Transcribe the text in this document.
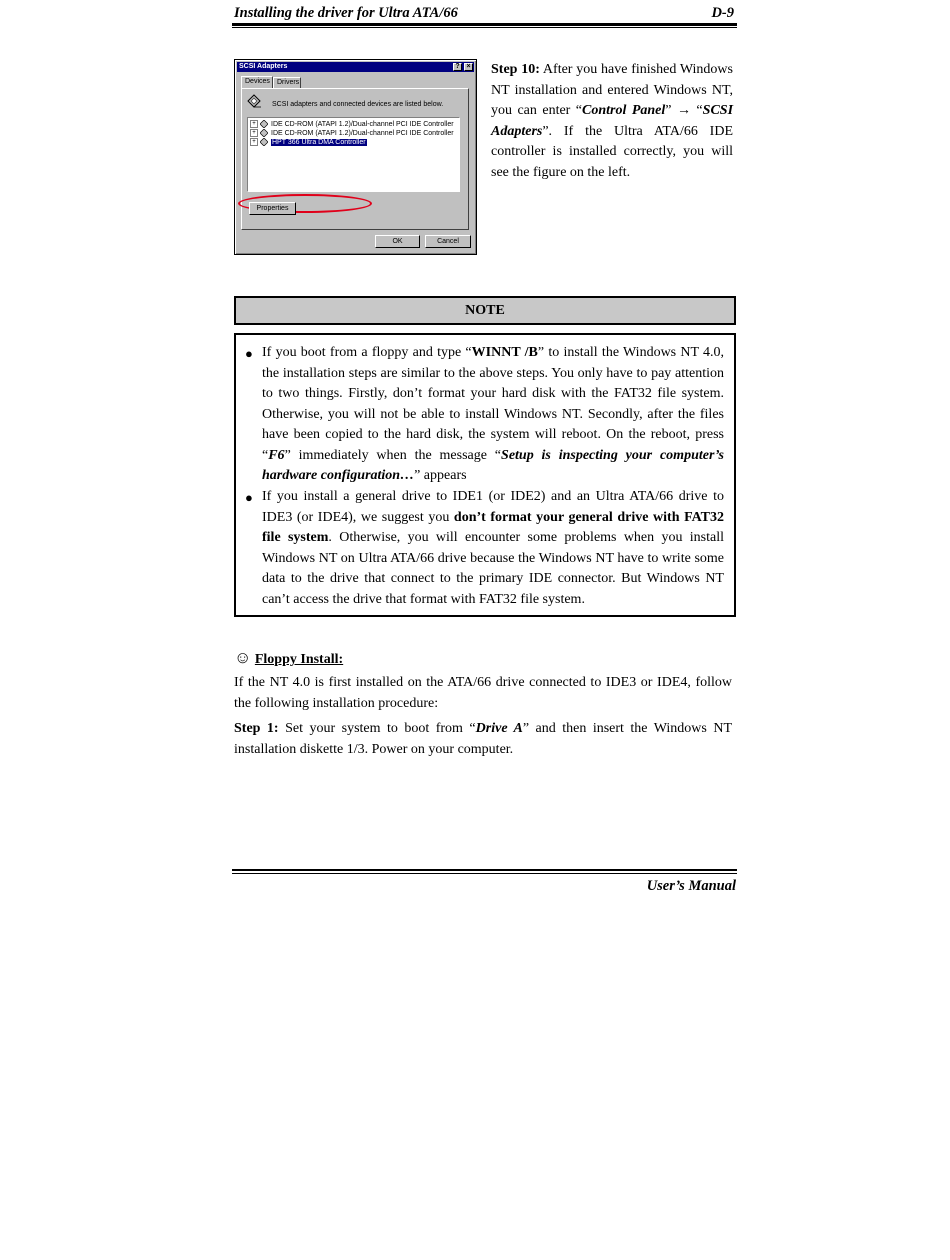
Installing the driver for Ultra ATA/66	D-9
SCSI Adapters	? ×
Devices	Drivers
SCSI adapters and connected devices are listed below.
+ IDE CD-ROM (ATAPI 1.2)/Dual-channel PCI IDE Controller
+ IDE CD-ROM (ATAPI 1.2)/Dual-channel PCI IDE Controller
+ HPT 366 Ultra DMA Controller
Properties
OK	Cancel
Step 10: After you have finished Windows NT installation and entered Windows NT, you can enter “Control Panel” → “SCSI Adapters”. If the Ultra ATA/66 IDE controller is installed correctly, you will see the figure on the left.
NOTE
● If you boot from a floppy and type “WINNT /B” to install the Windows NT 4.0, the installation steps are similar to the above steps. You only have to pay attention to two things. Firstly, don’t format your hard disk with the FAT32 file system. Otherwise, you will not be able to install Windows NT. Secondly, after the files have been copied to the hard disk, the system will reboot. On the reboot, press “F6” immediately when the message “Setup is inspecting your computer’s hardware configuration…” appears
● If you install a general drive to IDE1 (or IDE2) and an Ultra ATA/66 drive to IDE3 (or IDE4), we suggest you don’t format your general drive with FAT32 file system. Otherwise, you will encounter some problems when you install Windows NT on Ultra ATA/66 drive because the Windows NT have to write some data to the drive that connect to the primary IDE connector. But Windows NT can’t access the drive that format with FAT32 file system.
☺ Floppy Install:
If the NT 4.0 is first installed on the ATA/66 drive connected to IDE3 or IDE4, follow the following installation procedure:
Step 1: Set your system to boot from “Drive A” and then insert the Windows NT installation diskette 1/3. Power on your computer.
User’s Manual
